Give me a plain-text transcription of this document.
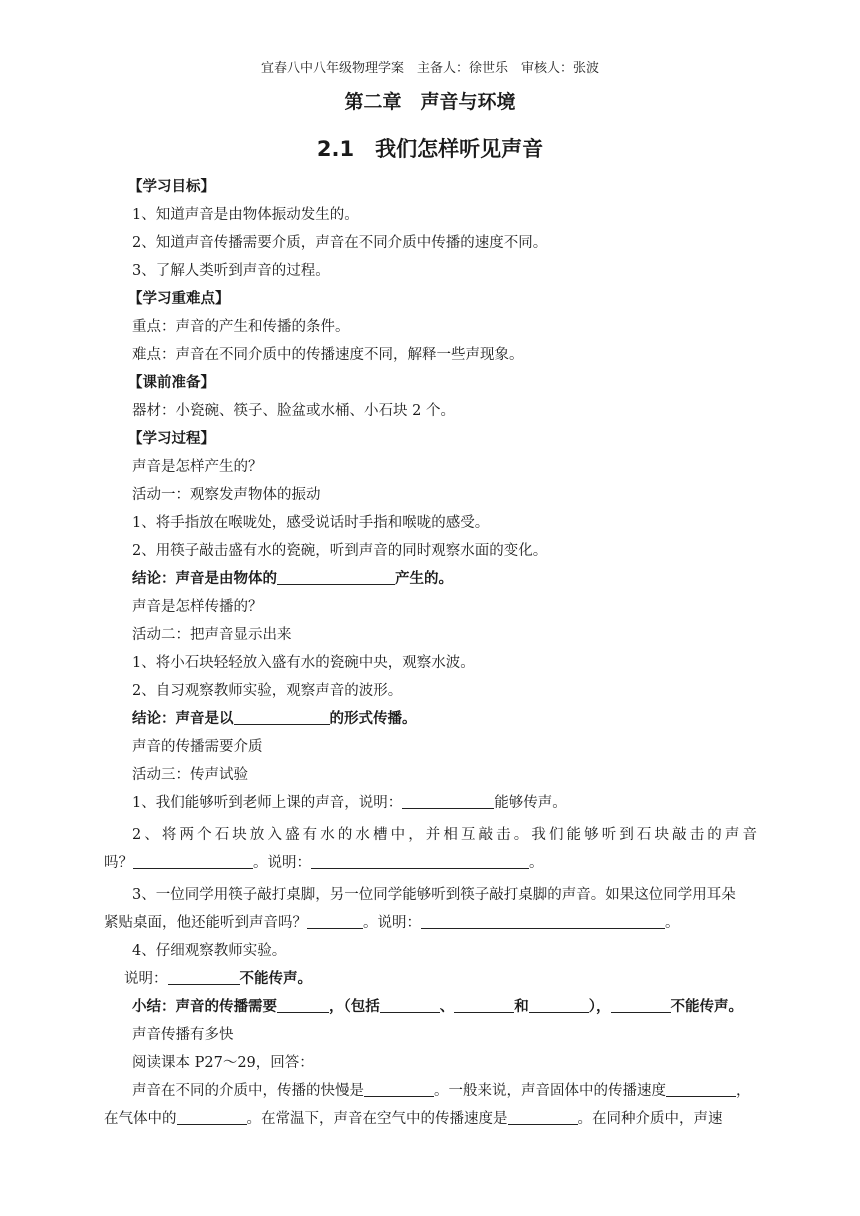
宜春八中八年级物理学案　主备人：徐世乐　审核人：张波
第二章　声音与环境
2.1　我们怎样听见声音
【学习目标】
1、知道声音是由物体振动发生的。
2、知道声音传播需要介质，声音在不同介质中传播的速度不同。
3、了解人类听到声音的过程。
【学习重难点】
重点：声音的产生和传播的条件。
难点：声音在不同介质中的传播速度不同，解释一些声现象。
【课前准备】
器材：小瓷碗、筷子、脸盆或水桶、小石块 2 个。
【学习过程】
声音是怎样产生的？
活动一：观察发声物体的振动
1、将手指放在喉咙处，感受说话时手指和喉咙的感受。
2、用筷子敲击盛有水的瓷碗，听到声音的同时观察水面的变化。
结论：声音是由物体的	产生的。
声音是怎样传播的？
活动二：把声音显示出来
1、将小石块轻轻放入盛有水的瓷碗中央，观察水波。
2、自习观察教师实验，观察声音的波形。
结论：声音是以	的形式传播。
声音的传播需要介质
活动三：传声试验
1、我们能够听到老师上课的声音，说明：	能够传声。
2、将两个石块放入盛有水的水槽中，并相互敲击。我们能够听到石块敲击的声音
吗？	。说明：	。
3、一位同学用筷子敲打桌脚，另一位同学能够听到筷子敲打桌脚的声音。如果这位同学用耳朵
紧贴桌面，他还能听到声音吗？	。说明：	。
4、仔细观察教师实验。
说明：	不能传声。
小结：声音的传播需要	，（包括	、	和	），	不能传声。
声音传播有多快
阅读课本 P27～29，回答：
声音在不同的介质中，传播的快慢是	。一般来说，声音固体中的传播速度	，
在气体中的	。在常温下，声音在空气中的传播速度是	。在同种介质中，声速
